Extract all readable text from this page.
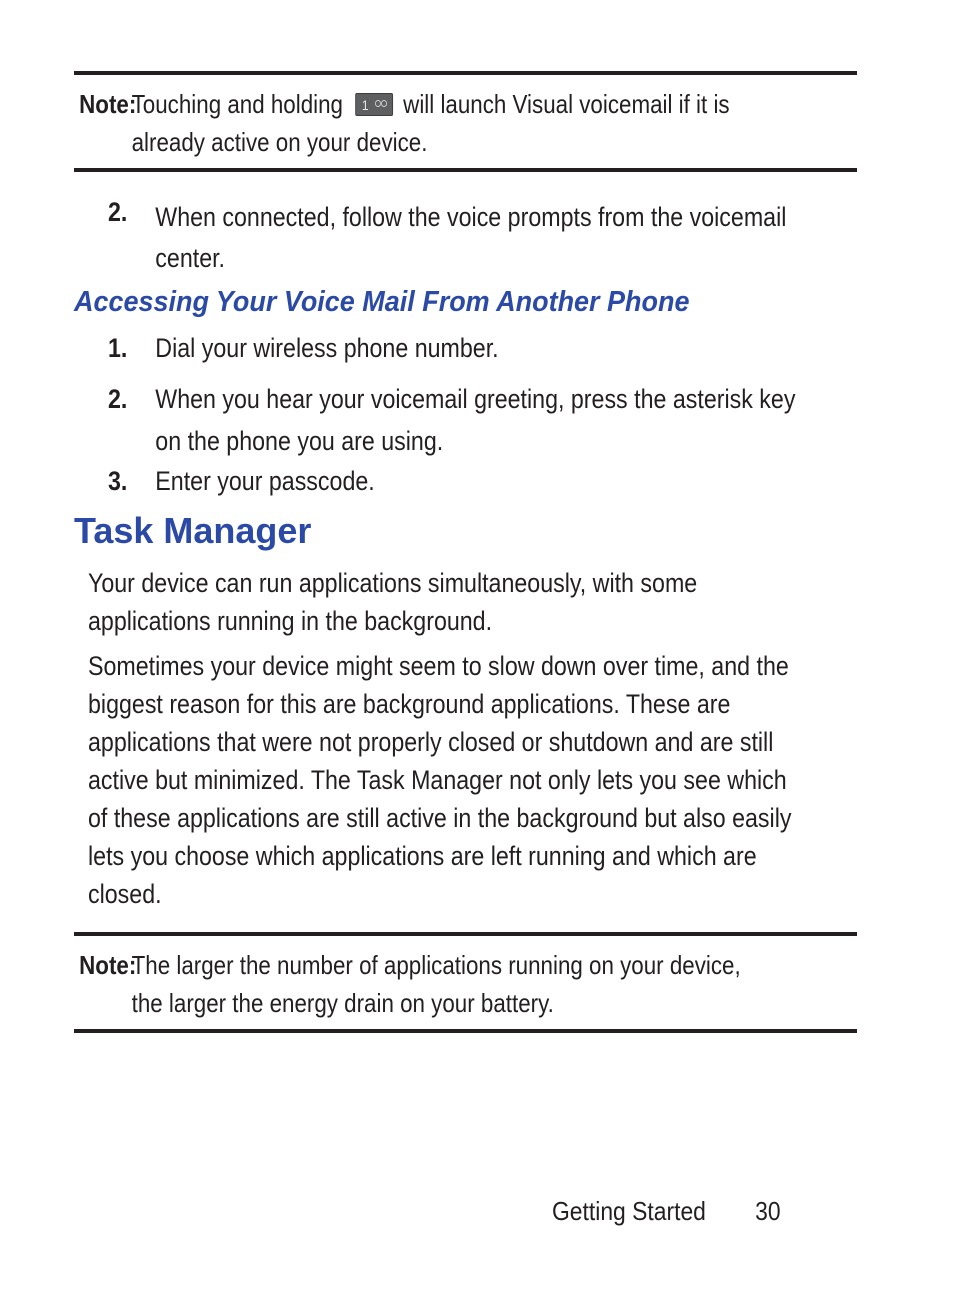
Note:
Touching and holding 1 will launch Visual voicemail if it is
already active on your device.
2. When connected, follow the voice prompts from the voicemail
center.
Accessing Your Voice Mail From Another Phone
1. Dial your wireless phone number.
2. When you hear your voicemail greeting, press the asterisk key
on the phone you are using.
3. Enter your passcode.
Task Manager
Your device can run applications simultaneously, with some
applications running in the background.
Sometimes your device might seem to slow down over time, and the
biggest reason for this are background applications. These are
applications that were not properly closed or shutdown and are still
active but minimized. The Task Manager not only lets you see which
of these applications are still active in the background but also easily
lets you choose which applications are left running and which are
closed.
Note:
The larger the number of applications running on your device,
the larger the energy drain on your battery.
Getting Started 30
